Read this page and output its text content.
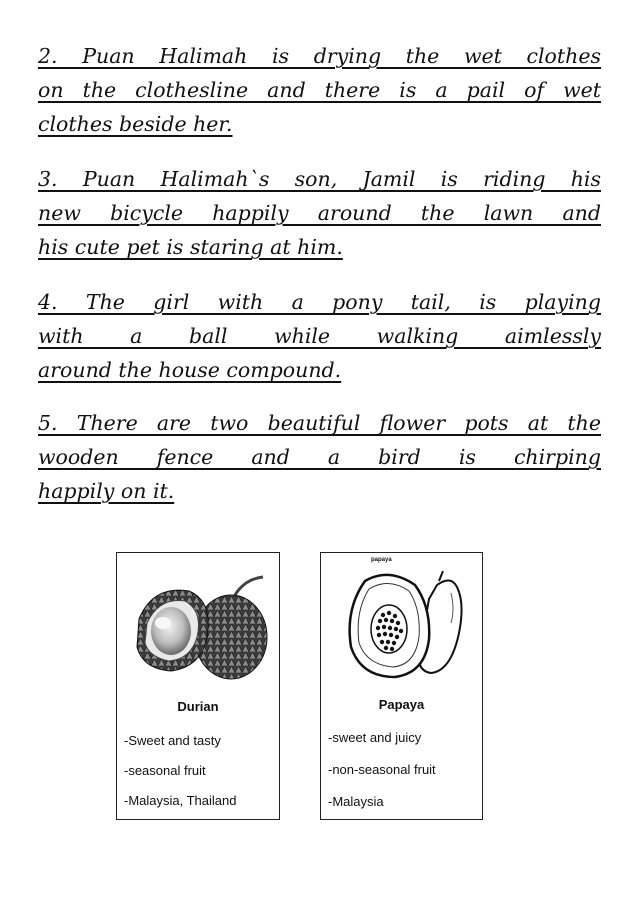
2. Puan Halimah is drying the wet clothes
on the clothesline and there is a pail of wet
clothes beside her.
3. Puan Halimah`s son, Jamil is riding his
new bicycle happily around the lawn and
his cute pet is staring at him.
4. The girl with a pony tail, is playing
with a ball while walking aimlessly
around the house compound.
5. There are two beautiful flower pots at the
wooden fence and a bird is chirping
happily on it.
Durian
-Sweet and tasty
-seasonal fruit
-Malaysia, Thailand
papaya
Papaya
-sweet and juicy
-non-seasonal fruit
-Malaysia
